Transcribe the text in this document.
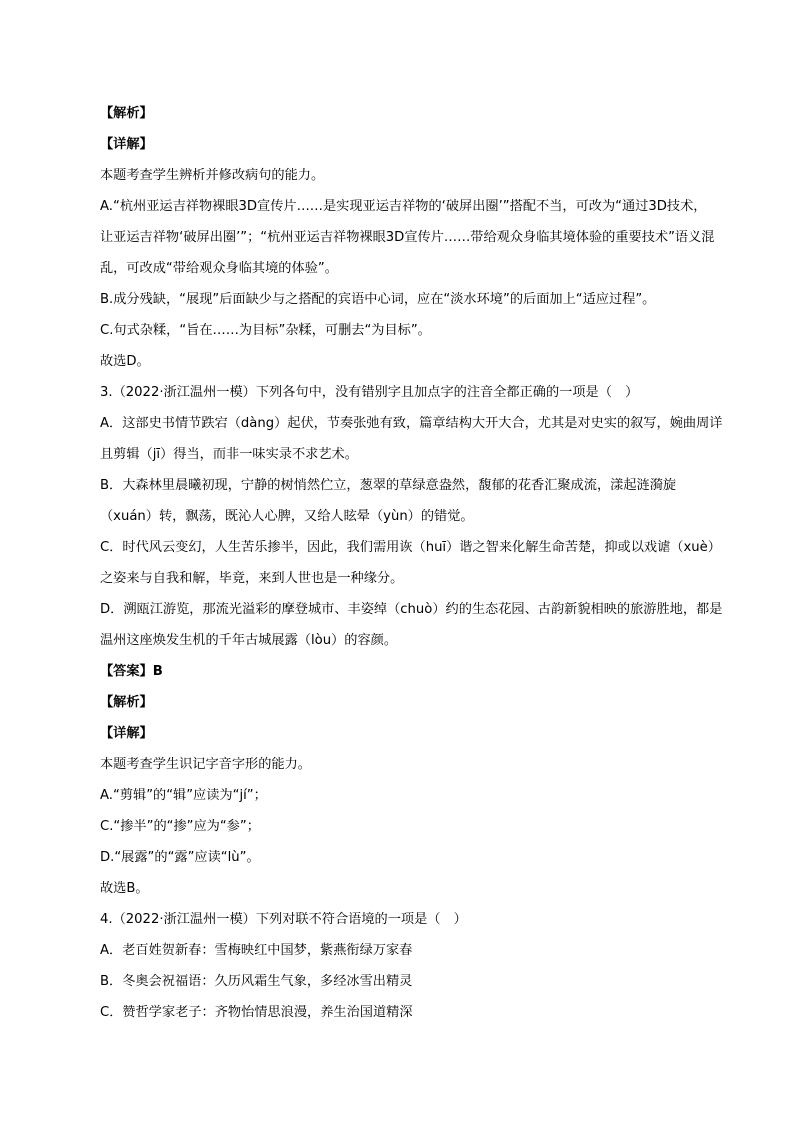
【解析】
【详解】
本题考查学生辨析并修改病句的能力。
A.“杭州亚运吉祥物裸眼3D宣传片……是实现亚运吉祥物的‘破屏出圈’”搭配不当，可改为“通过3D技术，
让亚运吉祥物‘破屏出圈’”；“杭州亚运吉祥物裸眼3D宣传片……带给观众身临其境体验的重要技术”语义混
乱，可改成“带给观众身临其境的体验”。
B.成分残缺，“展现”后面缺少与之搭配的宾语中心词，应在“淡水环境”的后面加上“适应过程”。
C.句式杂糅，“旨在……为目标”杂糅，可删去“为目标”。
故选D。
3.（2022·浙江温州一模）下列各句中，没有错别字且加点字的注音全都正确的一项是（　）
A．这部史书情节跌宕（dàng）起伏，节奏张弛有致，篇章结构大开大合，尤其是对史实的叙写，婉曲周详
且剪辑（jī）得当，而非一味实录不求艺术。
B．大森林里晨曦初现，宁静的树悄然伫立，葱翠的草绿意盎然，馥郁的花香汇聚成流，漾起涟漪旋
（xuán）转，飘荡，既沁人心脾，又给人眩晕（yùn）的错觉。
C．时代风云变幻，人生苦乐掺半，因此，我们需用诙（huī）谐之智来化解生命苦楚，抑或以戏谑（xuè）
之姿来与自我和解，毕竟，来到人世也是一种缘分。
D．溯瓯江游览，那流光溢彩的摩登城市、丰姿绰（chuò）约的生态花园、古韵新貌相映的旅游胜地，都是
温州这座焕发生机的千年古城展露（lòu）的容颜。
【答案】B
【解析】
【详解】
本题考查学生识记字音字形的能力。
A.“剪辑”的“辑”应读为“jí”；
C.“掺半”的“掺”应为“参”；
D.“展露”的“露”应读“lù”。
故选B。
4.（2022·浙江温州一模）下列对联不符合语境的一项是（　）
A．老百姓贺新春：雪梅映红中国梦，紫燕衔绿万家春
B．冬奥会祝福语：久历风霜生气象，多经冰雪出精灵
C．赞哲学家老子：齐物怡情思浪漫，养生治国道精深
